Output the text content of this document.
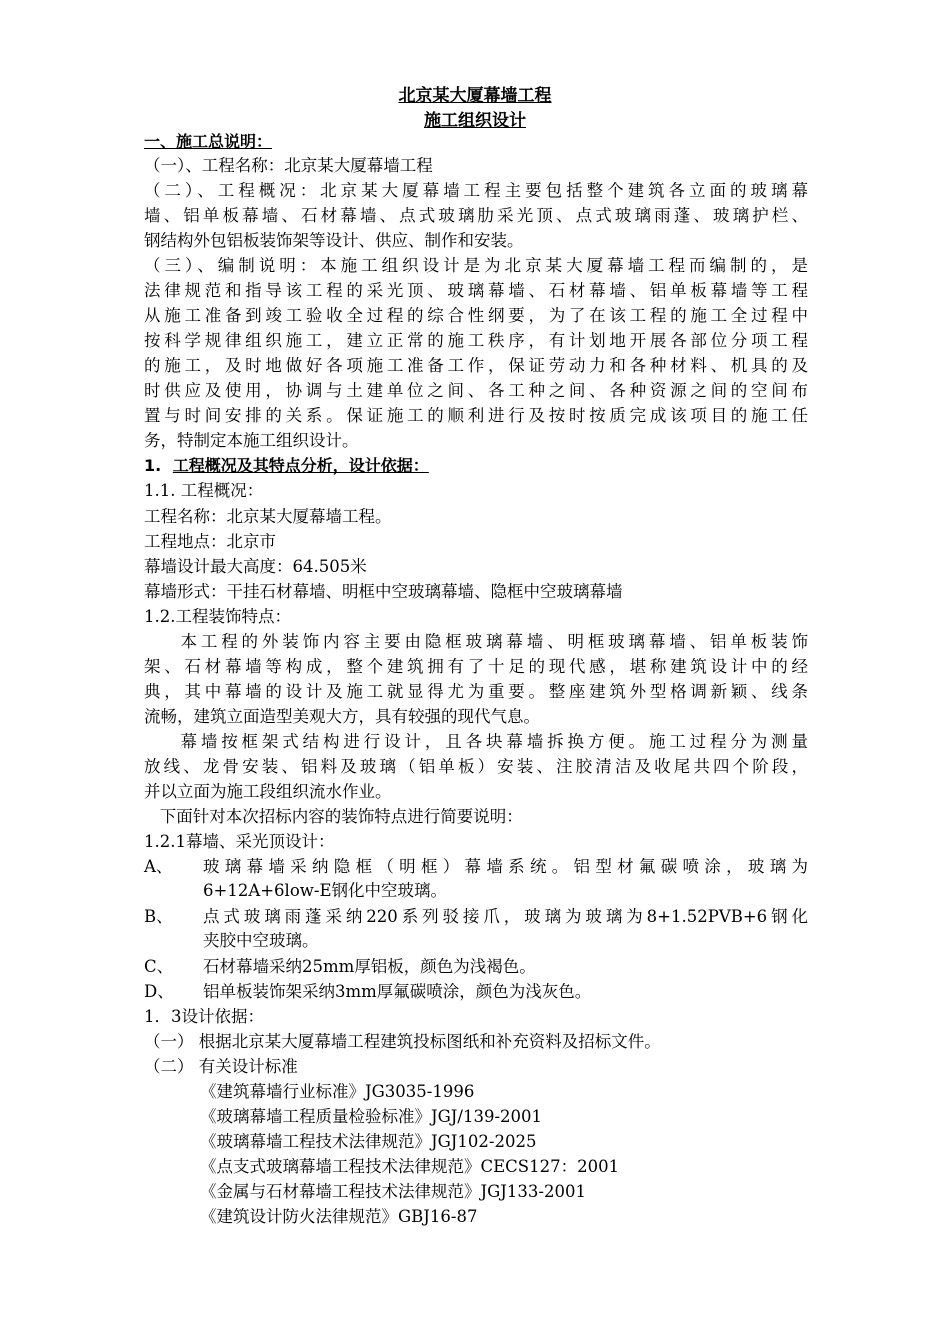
北京某大厦幕墙工程
施工组织设计
一、施工总说明：
（一）、工程名称：北京某大厦幕墙工程
（二）、工程概况：北京某大厦幕墙工程主要包括整个建筑各立面的玻璃幕
墙、铝单板幕墙、石材幕墙、点式玻璃肋采光顶、点式玻璃雨蓬、玻璃护栏、
钢结构外包铝板装饰架等设计、供应、制作和安装。
（三）、编制说明：本施工组织设计是为北京某大厦幕墙工程而编制的，是
法律规范和指导该工程的采光顶、玻璃幕墙、石材幕墙、铝单板幕墙等工程
从施工准备到竣工验收全过程的综合性纲要，为了在该工程的施工全过程中
按科学规律组织施工，建立正常的施工秩序，有计划地开展各部位分项工程
的施工，及时地做好各项施工准备工作，保证劳动力和各种材料、机具的及
时供应及使用，协调与土建单位之间、各工种之间、各种资源之间的空间布
置与时间安排的关系。保证施工的顺利进行及按时按质完成该项目的施工任
务，特制定本施工组织设计。
1. 工程概况及其特点分析，设计依据：
1.1. 工程概况：
工程名称：北京某大厦幕墙工程。
工程地点：北京市
幕墙设计最大高度：64.505米
幕墙形式：干挂石材幕墙、明框中空玻璃幕墙、隐框中空玻璃幕墙
1.2.工程装饰特点：
本工程的外装饰内容主要由隐框玻璃幕墙、明框玻璃幕墙、铝单板装饰
架、石材幕墙等构成，整个建筑拥有了十足的现代感，堪称建筑设计中的经
典，其中幕墙的设计及施工就显得尤为重要。整座建筑外型格调新颖、线条
流畅，建筑立面造型美观大方，具有较强的现代气息。
幕墙按框架式结构进行设计，且各块幕墙拆换方便。施工过程分为测量
放线、龙骨安装、铝料及玻璃（铝单板）安装、注胶清洁及收尾共四个阶段，
并以立面为施工段组织流水作业。
下面针对本次招标内容的装饰特点进行简要说明：
1.2.1幕墙、采光顶设计：
A、 玻璃幕墙采纳隐框（明框）幕墙系统。铝型材氟碳喷涂，玻璃为
6+12A+6low-E钢化中空玻璃。
B、 点式玻璃雨蓬采纳220系列驳接爪，玻璃为玻璃为8+1.52PVB+6钢化
夹胶中空玻璃。
C、 石材幕墙采纳25mm厚铝板，颜色为浅褐色。
D、 铝单板装饰架采纳3mm厚氟碳喷涂，颜色为浅灰色。
1．3设计依据：
（一） 根据北京某大厦幕墙工程建筑投标图纸和补充资料及招标文件。
（二） 有关设计标准
《建筑幕墙行业标准》JG3035-1996
《玻璃幕墙工程质量检验标准》JGJ/139-2001
《玻璃幕墙工程技术法律规范》JGJ102-2025
《点支式玻璃幕墙工程技术法律规范》CECS127：2001
《金属与石材幕墙工程技术法律规范》JGJ133-2001
《建筑设计防火法律规范》GBJ16-87
